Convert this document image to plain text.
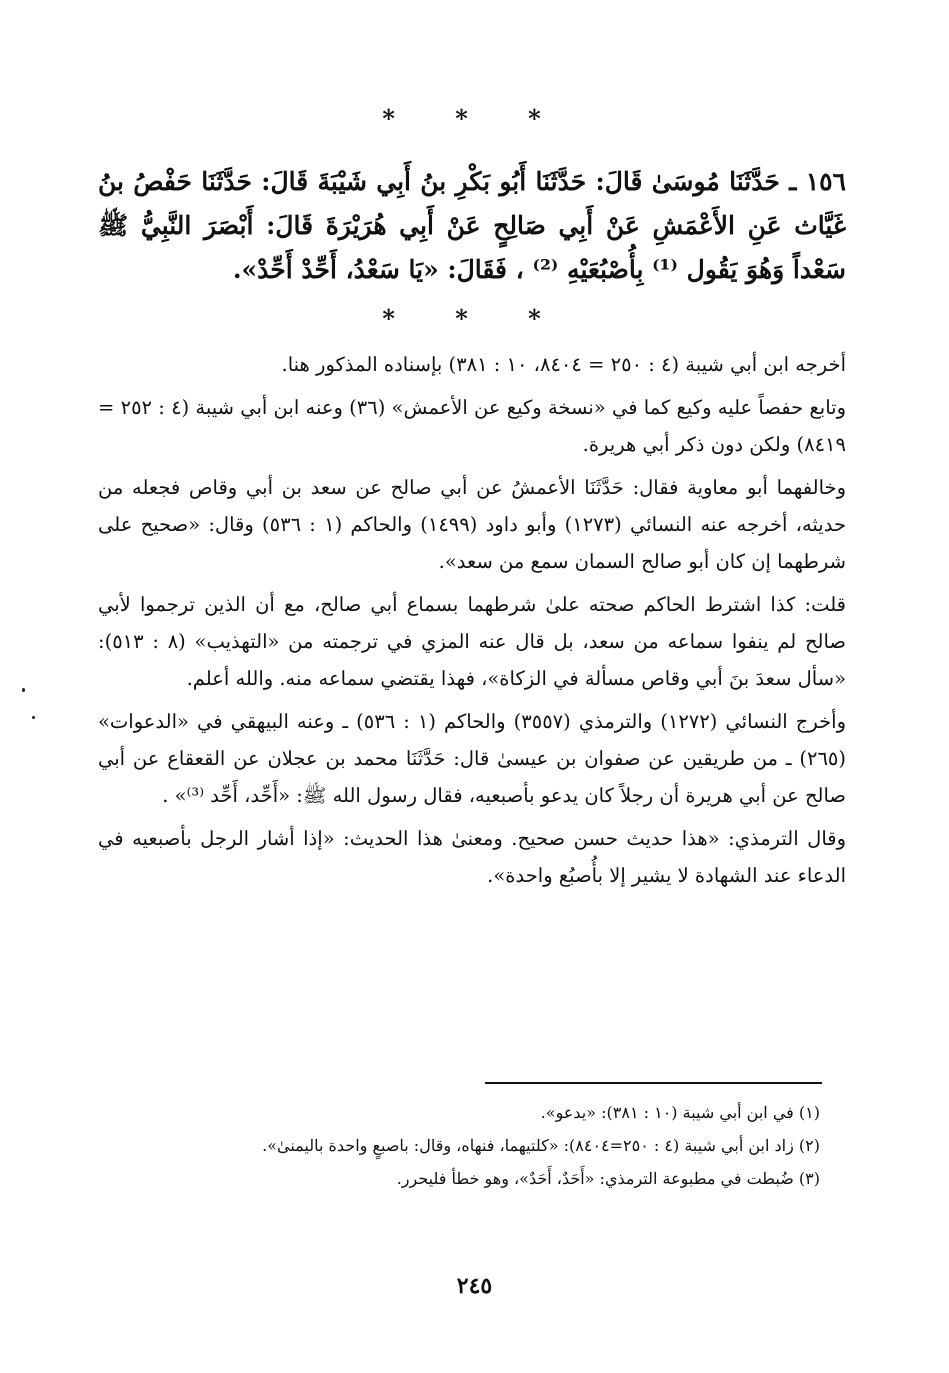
* * *
١٥٦ ـ حَدَّثَنَا مُوسَىٰ قَالَ: حَدَّثَنَا أَبُو بَكْرِ بنُ أَبِي شَيْبَةَ قَالَ: حَدَّثَنَا حَفْصُ بنُ غَيَّاث عَنِ الأَعْمَشِ عَنْ أَبِي صَالِحٍ عَنْ أَبِي هُرَيْرَةَ قَالَ: أَبْصَرَ النَّبِيُّ ﷺ سَعْداً وَهُوَ يَقُول ⁽¹⁾ بِأُصْبُعَيْهِ ⁽²⁾ ، فَقَالَ: «يَا سَعْدُ، أَحِّدْ أَحِّدْ».
* * *

أخرجه ابن أبي شيبة (٤ : ٢٥٠ = ٨٤٠٤، ١٠ : ٣٨١) بإسناده المذكور هنا.

وتابع حفصاً عليه وكيع كما في «نسخة وكيع عن الأعمش» (٣٦) وعنه ابن أبي شيبة (٤ : ٢٥٢ = ٨٤١٩) ولكن دون ذكر أبي هريرة.

وخالفهما أبو معاوية فقال: حَدَّثَنَا الأعمشُ عن أبي صالح عن سعد بن أبي وقاص فجعله من حديثه، أخرجه عنه النسائي (١٢٧٣) وأبو داود (١٤٩٩) والحاكم (١ : ٥٣٦) وقال: «صحيح على شرطهما إن كان أبو صالح السمان سمع من سعد».

قلت: كذا اشترط الحاكم صحته علىٰ شرطهما بسماع أبي صالح، مع أن الذين ترجموا لأبي صالح لم ينفوا سماعه من سعد، بل قال عنه المزي في ترجمته من «التهذيب» (٨ : ٥١٣): «سأل سعدَ بنَ أبي وقاص مسألة في الزكاة»، فهذا يقتضي سماعه منه. والله أعلم.

وأخرج النسائي (١٢٧٢) والترمذي (٣٥٥٧) والحاكم (١ : ٥٣٦) ـ وعنه البيهقي في «الدعوات» (٢٦٥) ـ من طريقين عن صفوان بن عيسىٰ قال: حَدَّثَنَا محمد بن عجلان عن القعقاع عن أبي صالح عن أبي هريرة أن رجلاً كان يدعو بأصبعيه، فقال رسول الله ﷺ: «أَحِّد، أَحِّد ⁽³⁾» .

وقال الترمذي: «هذا حديث حسن صحيح. ومعنىٰ هذا الحديث: «إذا أشار الرجل بأصبعيه في الدعاء عند الشهادة لا يشير إلا بأُصبُع واحدة».

(١) في ابن أبي شيبة (١٠ : ٣٨١): «يدعو».
(٢) زاد ابن أبي شيبة (٤ : ٢٥٠=٨٤٠٤): «كلتيهما، فنهاه، وقال: باصبعٍ واحدة باليمنىٰ».
(٣) ضُبطت في مطبوعة الترمذي: «أَحَدٌ، أَحَدٌ»، وهو خطأ فليحرر.
٢٤٥
